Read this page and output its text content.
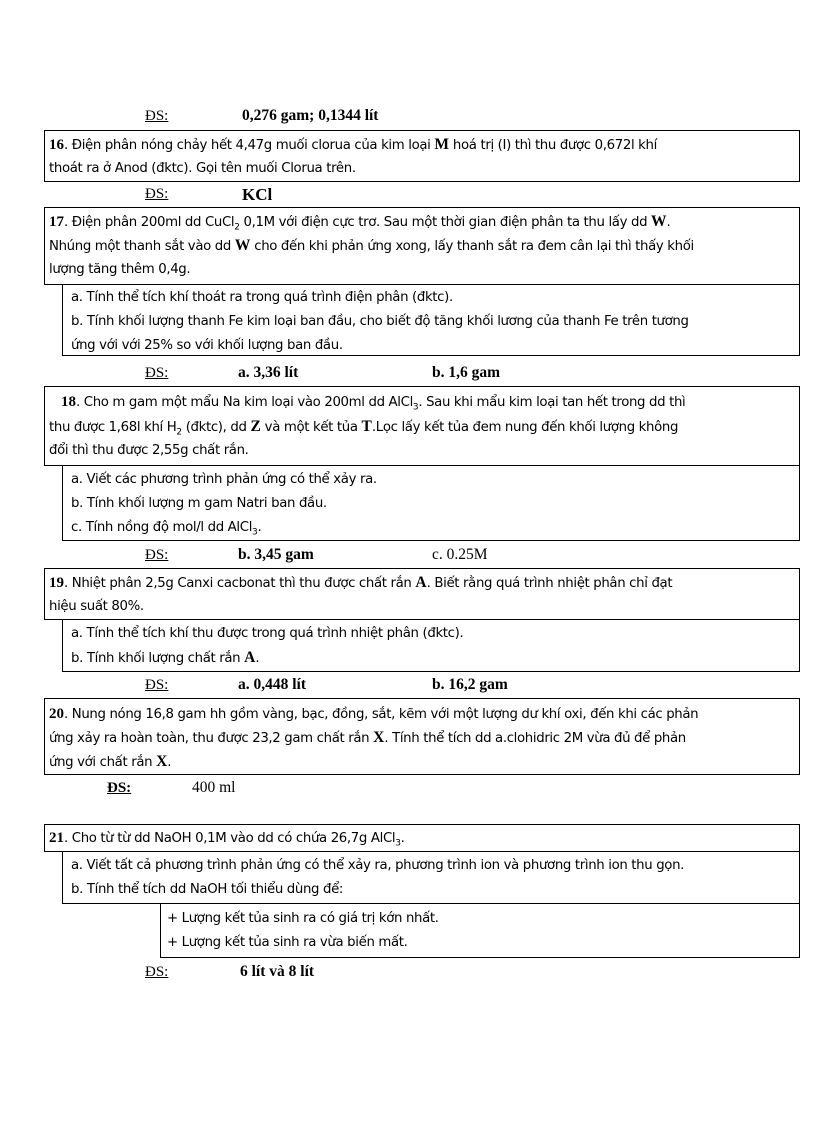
ĐS:	0,276 gam; 0,1344 lít
16. Điện phân nóng chảy hết 4,47g muối clorua của kim loại M hoá trị (I) thì thu được 0,672l khí
thoát ra ở Anod (đktc). Gọi tên muối Clorua trên.
ĐS:	KCl
17. Điện phân 200ml dd CuCl$_2$ 0,1M với điện cực trơ. Sau một thời gian điện phân ta thu lấy dd W.
Nhúng một thanh sắt vào dd W cho đến khi phản ứng xong, lấy thanh sắt ra đem cân lại thì thấy khối
lượng tăng thêm 0,4g.
a. Tính thể tích khí thoát ra trong quá trình điện phân (đktc).
b. Tính khối lượng thanh Fe kim loại ban đầu, cho biết độ tăng khối lương của thanh Fe trên tương
ứng với với 25% so với khối lượng ban đầu.
ĐS:	a. 3,36 lít	b. 1,6 gam
18. Cho m gam một mẩu Na kim loại vào 200ml dd AlCl$_3$. Sau khi mẩu kim loại tan hết trong dd thì
thu được 1,68l khí $H_2$ (đktc), dd Z và một kết tủa T.Lọc lấy kết tủa đem nung đến khối lượng không
đổi thì thu được 2,55g chất rắn.
a. Viết các phương trình phản ứng có thể xảy ra.
b. Tính khối lượng m gam Natri ban đầu.
c. Tính nồng độ mol/l dd AlCl$_3$.
ĐS:	b. 3,45 gam	c. 0.25M
19. Nhiệt phân 2,5g Canxi cacbonat thì thu được chất rắn A. Biết rằng quá trình nhiệt phân chỉ đạt
hiệu suất 80%.
a. Tính thể tích khí thu được trong quá trình nhiệt phân (đktc).
b. Tính khối lượng chất rắn A.
ĐS:	a. 0,448 lít	b. 16,2 gam
20. Nung nóng 16,8 gam hh gồm vàng, bạc, đồng, sắt, kẽm với một lượng dư khí oxi, đến khi các phản
ứng xảy ra hoàn toàn, thu được 23,2 gam chất rắn X. Tính thể tích dd a.clohidric 2M vừa đủ để phản
ứng với chất rắn X.
ĐS:	400 ml
21. Cho từ từ dd NaOH 0,1M vào dd có chứa 26,7g AlCl$_3$.
a. Viết tất cả phương trình phản ứng có thể xảy ra, phương trình ion và phương trình ion thu gọn.
b. Tính thể tích dd NaOH tối thiểu dùng để:
+ Lượng kết tủa sinh ra có giá trị kớn nhất.
+ Lượng kết tủa sinh ra vừa biến mất.
ĐS:	6 lít và 8 lít
